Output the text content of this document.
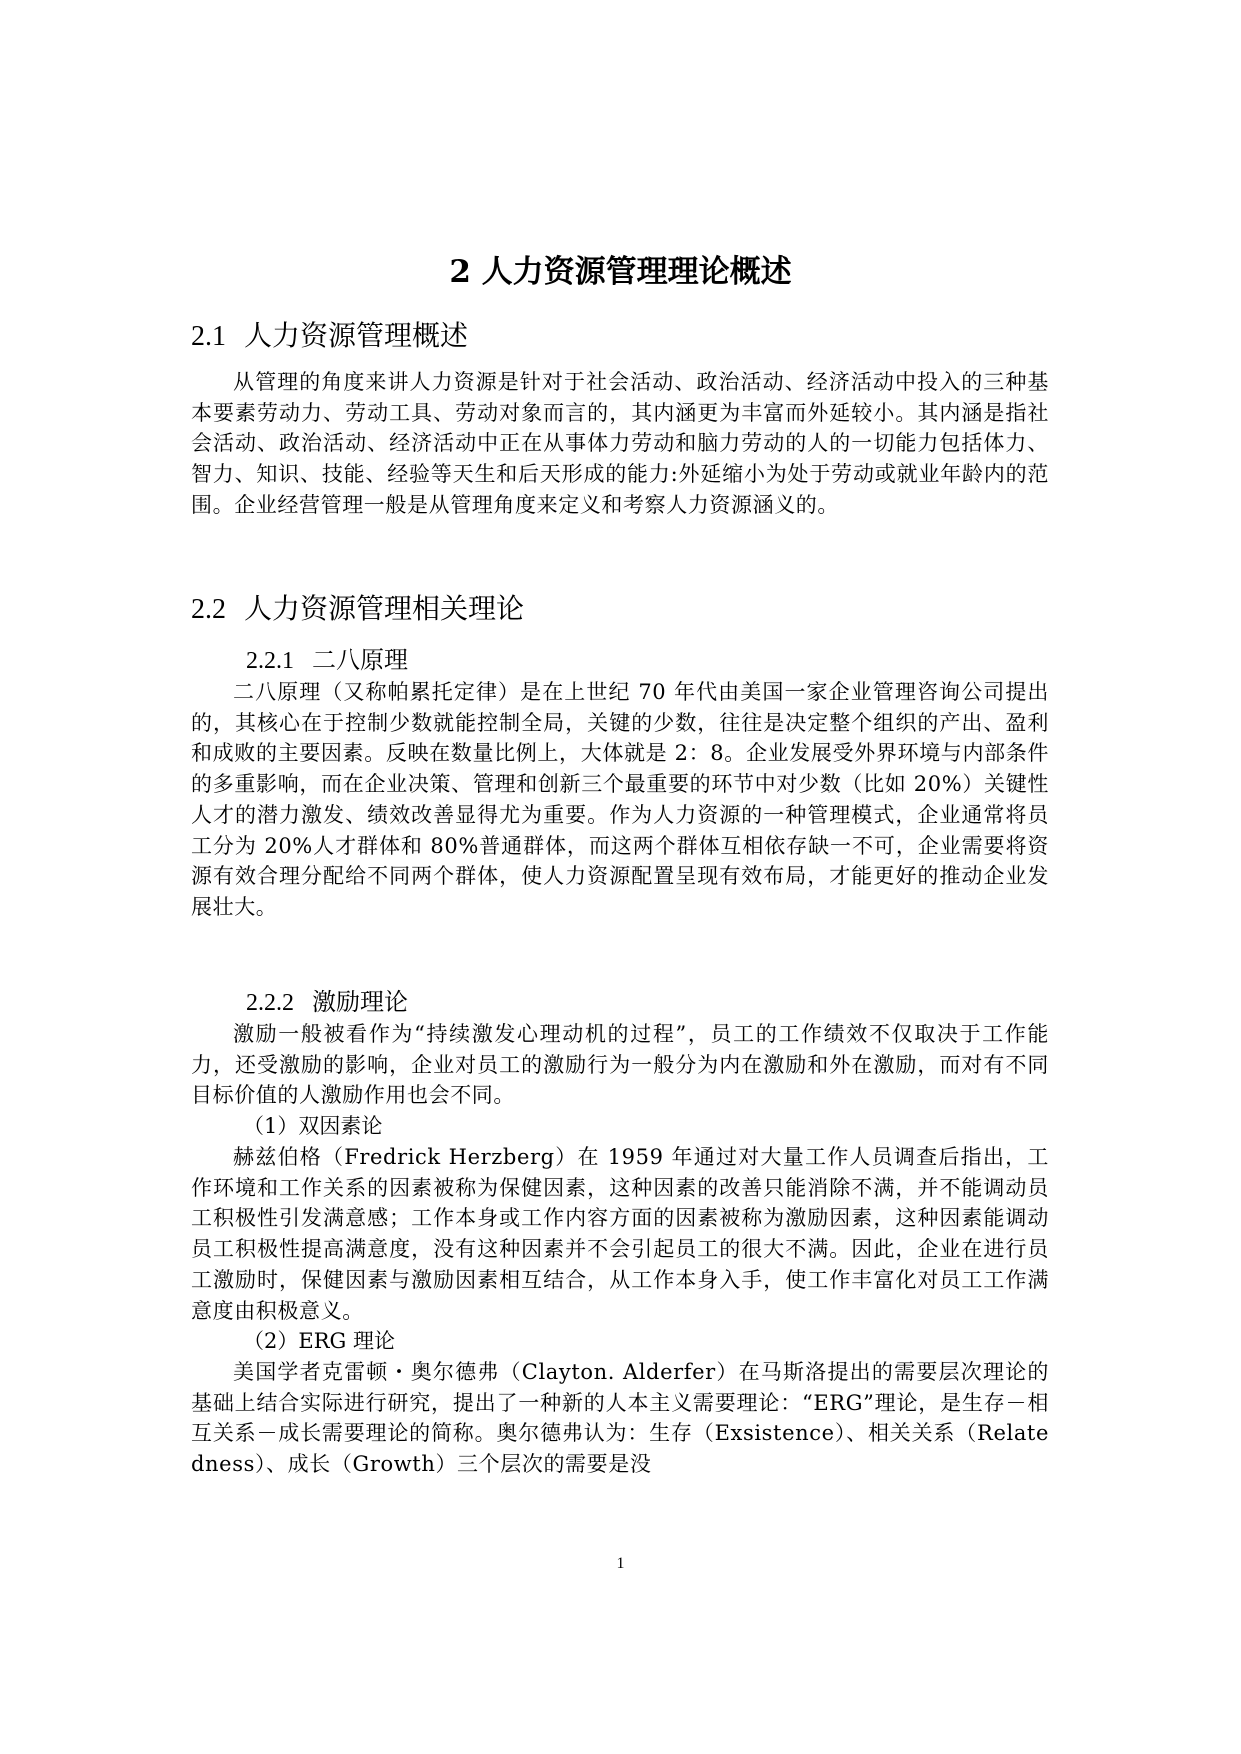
2 人力资源管理理论概述
2.1 人力资源管理概述

从管理的角度来讲人力资源是针对于社会活动、政治活动、经济活动中投入的三种基本要素劳动力、劳动工具、劳动对象而言的，其内涵更为丰富而外延较小。其内涵是指社会活动、政治活动、经济活动中正在从事体力劳动和脑力劳动的人的一切能力包括体力、智力、知识、技能、经验等天生和后天形成的能力:外延缩小为处于劳动或就业年龄内的范围。企业经营管理一般是从管理角度来定义和考察人力资源涵义的。

2.2 人力资源管理相关理论
2.2.1 二八原理

二八原理（又称帕累托定律）是在上世纪 70 年代由美国一家企业管理咨询公司提出的，其核心在于控制少数就能控制全局，关键的少数，往往是决定整个组织的产出、盈利和成败的主要因素。反映在数量比例上，大体就是 2：8。企业发展受外界环境与内部条件的多重影响，而在企业决策、管理和创新三个最重要的环节中对少数（比如 20%）关键性人才的潜力激发、绩效改善显得尤为重要。作为人力资源的一种管理模式，企业通常将员工分为 20%人才群体和 80%普通群体，而这两个群体互相依存缺一不可，企业需要将资源有效合理分配给不同两个群体，使人力资源配置呈现有效布局，才能更好的推动企业发展壮大。

2.2.2 激励理论

激励一般被看作为“持续激发心理动机的过程”，员工的工作绩效不仅取决于工作能力，还受激励的影响，企业对员工的激励行为一般分为内在激励和外在激励，而对有不同目标价值的人激励作用也会不同。

（1）双因素论

赫兹伯格（Fredrick Herzberg）在 1959 年通过对大量工作人员调查后指出，工作环境和工作关系的因素被称为保健因素，这种因素的改善只能消除不满，并不能调动员工积极性引发满意感；工作本身或工作内容方面的因素被称为激励因素，这种因素能调动员工积极性提高满意度，没有这种因素并不会引起员工的很大不满。因此，企业在进行员工激励时，保健因素与激励因素相互结合，从工作本身入手，使工作丰富化对员工工作满意度由积极意义。

（2）ERG 理论

美国学者克雷顿・奥尔德弗（Clayton. Alderfer）在马斯洛提出的需要层次理论的基础上结合实际进行研究，提出了一种新的人本主义需要理论：“ERG”理论，是生存－相互关系－成长需要理论的简称。奥尔德弗认为：生存（Exsistence）、相关关系（Relatedness）、成长（Growth）三个层次的需要是没

1
